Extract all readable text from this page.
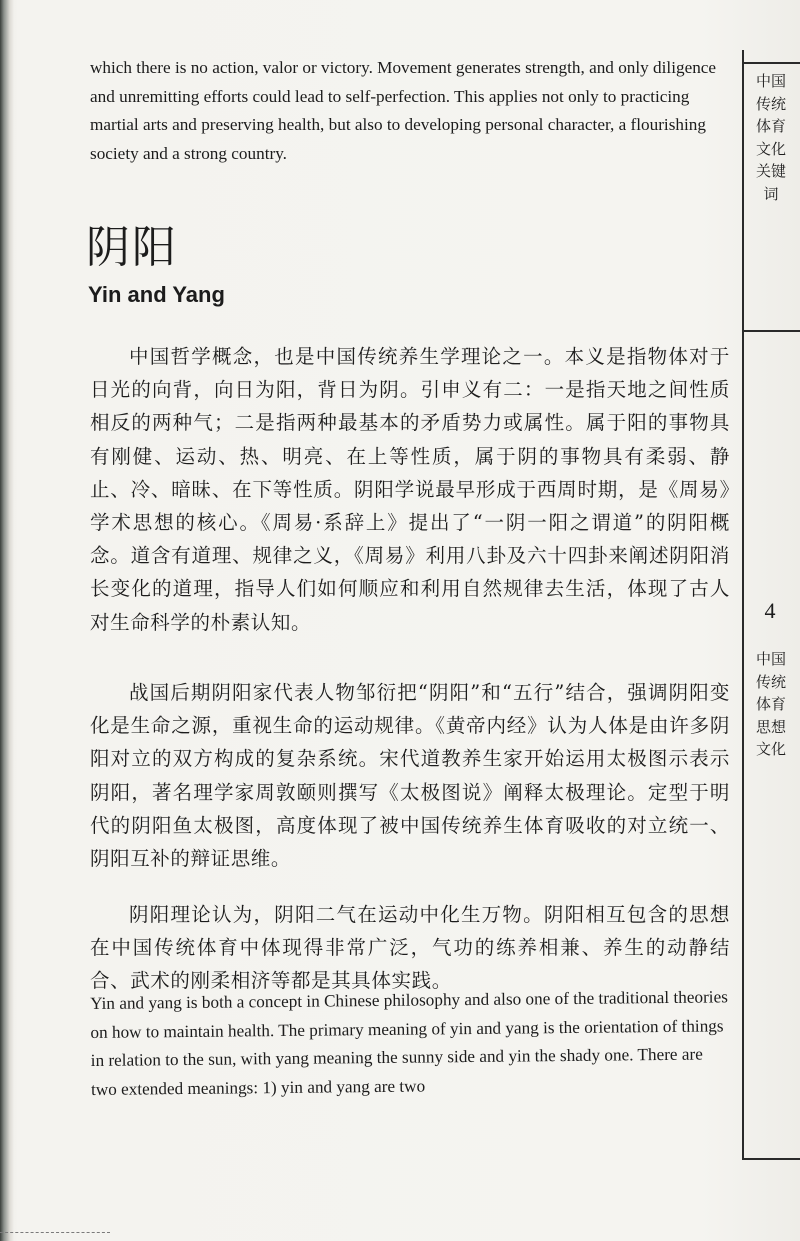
which there is no action, valor or victory. Movement generates strength, and only diligence and unremitting efforts could lead to self-perfection. This applies not only to practicing martial arts and preserving health, but also to developing personal character, a flourishing society and a strong country.

阴阳
Yin and Yang

中国哲学概念，也是中国传统养生学理论之一。本义是指物体对于日光的向背，向日为阳，背日为阴。引申义有二：一是指天地之间性质相反的两种气；二是指两种最基本的矛盾势力或属性。属于阳的事物具有刚健、运动、热、明亮、在上等性质，属于阴的事物具有柔弱、静止、冷、暗昧、在下等性质。阴阳学说最早形成于西周时期，是《周易》学术思想的核心。《周易·系辞上》提出了“一阴一阳之谓道”的阴阳概念。道含有道理、规律之义，《周易》利用八卦及六十四卦来阐述阴阳消长变化的道理，指导人们如何顺应和利用自然规律去生活，体现了古人对生命科学的朴素认知。

战国后期阴阳家代表人物邹衍把“阴阳”和“五行”结合，强调阴阳变化是生命之源，重视生命的运动规律。《黄帝内经》认为人体是由许多阴阳对立的双方构成的复杂系统。宋代道教养生家开始运用太极图示表示阴阳，著名理学家周敦颐则撰写《太极图说》阐释太极理论。定型于明代的阴阳鱼太极图，高度体现了被中国传统养生体育吸收的对立统一、阴阳互补的辩证思维。

阴阳理论认为，阴阳二气在运动中化生万物。阴阳相互包含的思想在中国传统体育中体现得非常广泛，气功的练养相兼、养生的动静结合、武术的刚柔相济等都是其具体实践。

Yin and yang is both a concept in Chinese philosophy and also one of the traditional theories on how to maintain health. The primary meaning of yin and yang is the orientation of things in relation to the sun, with yang meaning the sunny side and yin the shady one. There are two extended meanings: 1) yin and yang are two

中国传统体育文化关键词
4
中国传统体育思想文化
